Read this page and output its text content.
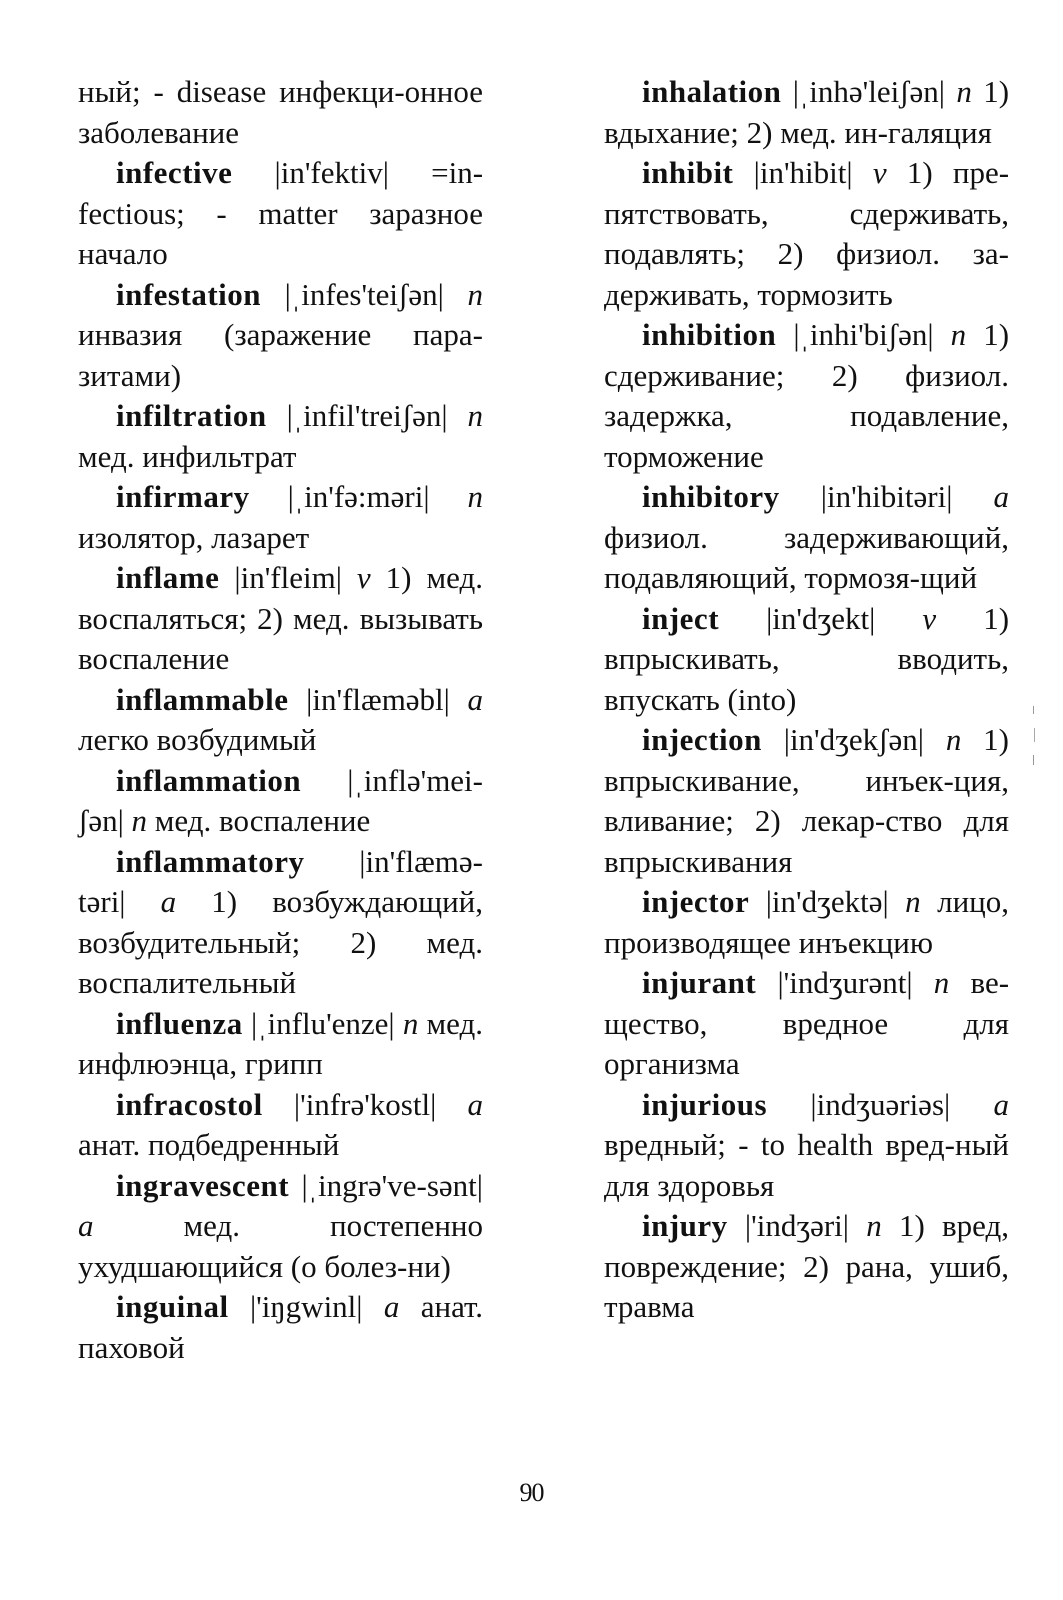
ный; - disease инфекци-онное заболевание

infective |in'fektiv| =in-fectious; - matter заразное начало

infestation |ˌinfes'teiʃən| n инвазия (заражение пара-зитами)

infiltration |ˌinfil'treiʃən| n мед. инфильтрат

infirmary |ˌin'fə:məri| n изолятор, лазарет

inflame |in'fleim| v 1) мед. воспаляться; 2) мед. вызывать воспаление

inflammable |in'flæməbl| a легко возбудимый

inflammation |ˌinflə'mei-ʃən| n мед. воспаление

inflammatory |in'flæmə-təri| a 1) возбуждающий, возбудительный; 2) мед. воспалительный

influenza |ˌinflu'enze| n мед. инфлюэнца, грипп

infracostol |'infrə'kostl| a анат. подбедренный

ingravescent |ˌingrə've-sənt| a	мед. постепенно ухудшающийся (о болез-ни)

inguinal |'iŋgwinl| a анат. паховой

inhalation |ˌinhə'leiʃən| n 1) вдыхание; 2) мед. ин-галяция

inhibit |in'hibit| v 1) пре-пятствовать, сдерживать, подавлять; 2) физиол. за-держивать, тормозить

inhibition |ˌinhi'biʃən| n 1) сдерживание; 2) физиол. задержка, подавление, торможение

inhibitory |in'hibitəri| a физиол. задерживающий, подавляющий, тормозя-щий

inject |in'dʒekt| v 1) впрыскивать, вводить, впускать (into)

injection |in'dʒekʃən| n 1) впрыскивание, инъек-ция, вливание; 2) лекар-ство для впрыскивания

injector |in'dʒektə| n лицо, производящее инъекцию

injurant |'indʒurənt| n ве-щество, вредное для организма

injurious |indʒuəriəs| a вредный; - to health вред-ный для здоровья

injury |'indʒəri| n 1) вред, повреждение; 2) рана, ушиб, травма

90
